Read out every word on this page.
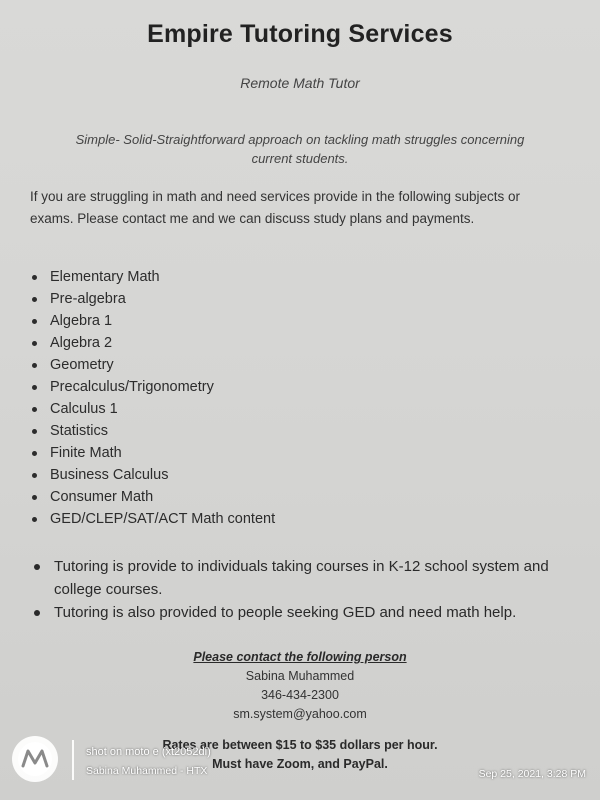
Empire Tutoring Services
Remote Math Tutor
Simple- Solid-Straightforward approach on tackling math struggles concerning current students.
If you are struggling in math and need services provide in the following subjects or exams. Please contact me and we can discuss study plans and payments.
Elementary Math
Pre-algebra
Algebra 1
Algebra 2
Geometry
Precalculus/Trigonometry
Calculus 1
Statistics
Finite Math
Business Calculus
Consumer Math
GED/CLEP/SAT/ACT Math content
Tutoring is provide to individuals taking courses in K-12 school system and college courses.
Tutoring is also provided to people seeking GED and need math help.
Please contact the following person
Sabina Muhammed
346-434-2300
sm.system@yahoo.com
Rates are between $15 to $35 dollars per hour.
Must have Zoom, and PayPal.
shot on moto e (xt2052dl)
Sabina Muhammed - HTX	Sep 25, 2021, 3:28 PM
